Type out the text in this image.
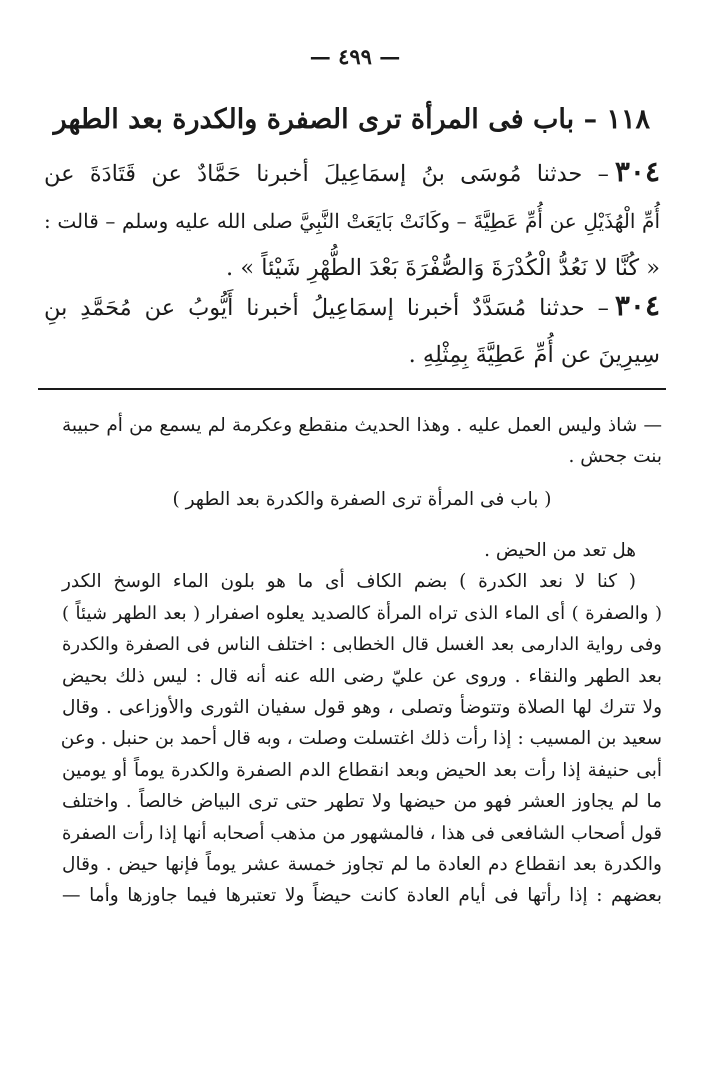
— ٤٩٩ —
١١٨ – باب فى المرأة ترى الصفرة والكدرة بعد الطهر
٣٠٤– حدثنا مُوسَى بنُ إسمَاعِيلَ أخبرنا حَمَّادٌ عن قَتَادَةَ عن
أُمِّ الْهُذَيْلِ عن أُمِّ عَطِيَّةَ – وكَانَتْ بَايَعَتْ النَّبِيَّ صلى الله عليه وسلم – قالت :
« كُنَّا لا نَعُدُّ الْكُدْرَةَ وَالصُّفْرَةَ بَعْدَ الطُّهْرِ شَيْئاً » .
٣٠٤– حدثنا مُسَدَّدٌ أخبرنا إسمَاعِيلُ أخبرنا أَيُّوبُ عن مُحَمَّدِ بنِ
سِيرِينَ عن أُمِّ عَطِيَّةَ بِمِثْلِهِ .
— شاذ وليس العمل عليه . وهذا الحديث منقطع وعكرمة لم يسمع من أم حبيبة
بنت جحش .
( باب فى المرأة ترى الصفرة والكدرة بعد الطهر )
هل تعد من الحيض .
( كنا لا نعد الكدرة ) بضم الكاف أى ما هو بلون الماء الوسخ الكدر
( والصفرة ) أى الماء الذى تراه المرأة كالصديد يعلوه اصفرار ( بعد الطهر شيئاً )
وفى رواية الدارمى بعد الغسل قال الخطابى : اختلف الناس فى الصفرة والكدرة
بعد الطهر والنقاء . وروى عن عليّ رضى الله عنه أنه قال : ليس ذلك بحيض
ولا تترك لها الصلاة وتتوضأ وتصلى ، وهو قول سفيان الثورى والأوزاعى . وقال
سعيد بن المسيب : إذا رأت ذلك اغتسلت وصلت ، وبه قال أحمد بن حنبل . وعن
أبى حنيفة إذا رأت بعد الحيض وبعد انقطاع الدم الصفرة والكدرة يوماً أو يومين
ما لم يجاوز العشر فهو من حيضها ولا تطهر حتى ترى البياض خالصاً . واختلف
قول أصحاب الشافعى فى هذا ، فالمشهور من مذهب أصحابه أنها إذا رأت الصفرة
والكدرة بعد انقطاع دم العادة ما لم تجاوز خمسة عشر يوماً فإنها حيض . وقال
بعضهم : إذا رأتها فى أيام العادة كانت حيضاً ولا تعتبرها فيما جاوزها وأما —
